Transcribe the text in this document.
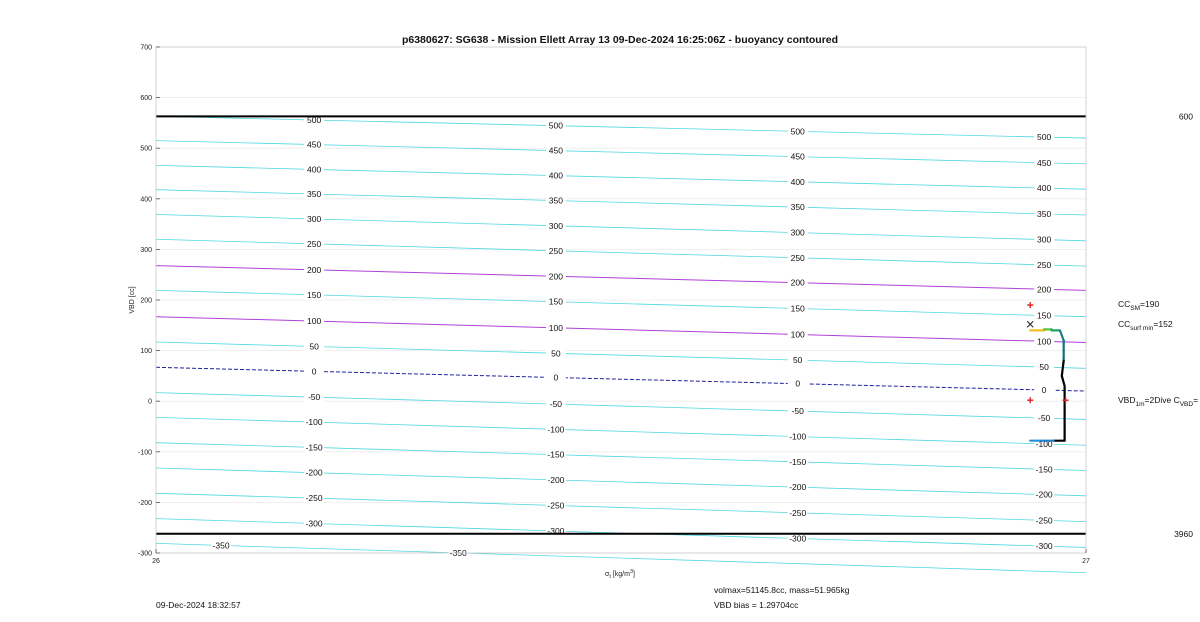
p6380627: SG638 - Mission Ellett Array 13 09-Dec-2024 16:25:06Z - buoyancy contoured
500
450
400
350
300
250
200
150
100
50
0
-50
-100
-150
-200
-250
-300
500
450
400
350
300
250
200
150
100
50
0
-50
-100
-150
-200
-250
-300
500
450
400
350
300
250
200
150
100
50
0
-50
-100
-150
-200
-250
-300
500
450
400
350
300
250
200
150
100
50
0
-50
-100
-150
-200
-250
-300
-350
-350
600
3960
700
600
500
400
300
200
100
0
-100
-200
-300
26	27
VBD [cc]
$\sigma_t$ $[kg/m^3]$
$CC_{SM}=190$
$CC_{surf min}=152$
$VBD_{1m}=2Dive$ $C_{VBD}=$
volmax=51145.8cc, mass=51.965kg
VBD bias = 1.29704cc
09-Dec-2024 18:32:57
